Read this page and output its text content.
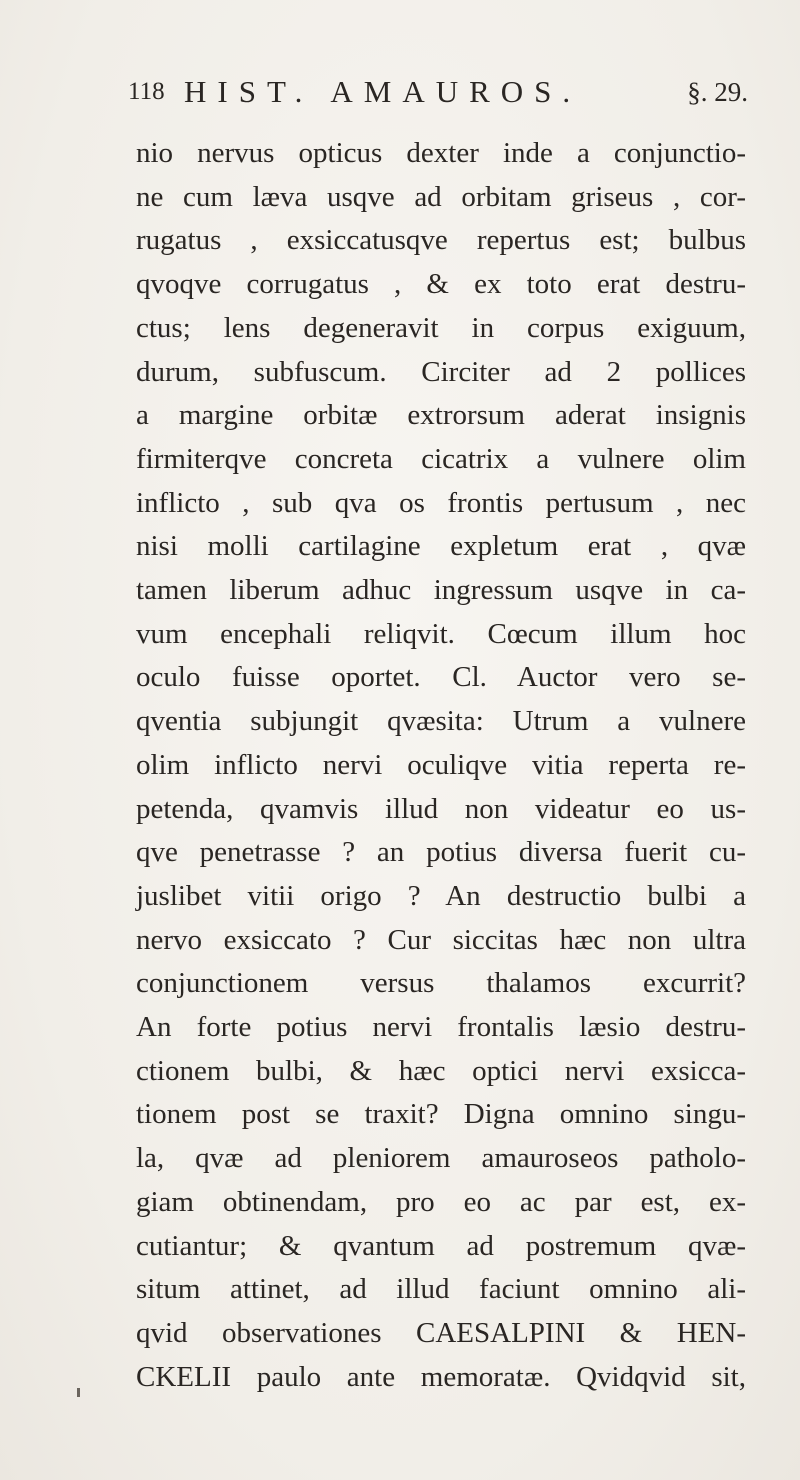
118 HIST. AMAUROS.	§. 29.
nio nervus opticus dexter inde a conjunctio-
ne cum læva usqve ad orbitam griseus , cor-
rugatus , exsiccatusqve repertus est; bulbus
qvoqve corrugatus , & ex toto erat destru-
ctus; lens degeneravit in corpus exiguum,
durum, subfuscum. Circiter ad 2 pollices
a margine orbitæ extrorsum aderat insignis
firmiterqve concreta cicatrix a vulnere olim
inflicto , sub qva os frontis pertusum , nec
nisi molli cartilagine expletum erat , qvæ
tamen liberum adhuc ingressum usqve in ca-
vum encephali reliqvit. Cœcum illum hoc
oculo fuisse oportet. Cl. Auctor vero se-
qventia subjungit qvæsita: Utrum a vulnere
olim inflicto nervi oculiqve vitia reperta re-
petenda, qvamvis illud non videatur eo us-
qve penetrasse ? an potius diversa fuerit cu-
juslibet vitii origo ? An destructio bulbi a
nervo exsiccato ? Cur siccitas hæc non ultra
conjunctionem versus thalamos excurrit?
An forte potius nervi frontalis læsio destru-
ctionem bulbi, & hæc optici nervi exsicca-
tionem post se traxit? Digna omnino singu-
la, qvæ ad pleniorem amauroseos patholo-
giam obtinendam, pro eo ac par est, ex-
cutiantur; & qvantum ad postremum qvæ-
situm attinet, ad illud faciunt omnino ali-
qvid observationes CAESALPINI & HEN-
CKELII paulo ante memoratæ. Qvidqvid sit,
